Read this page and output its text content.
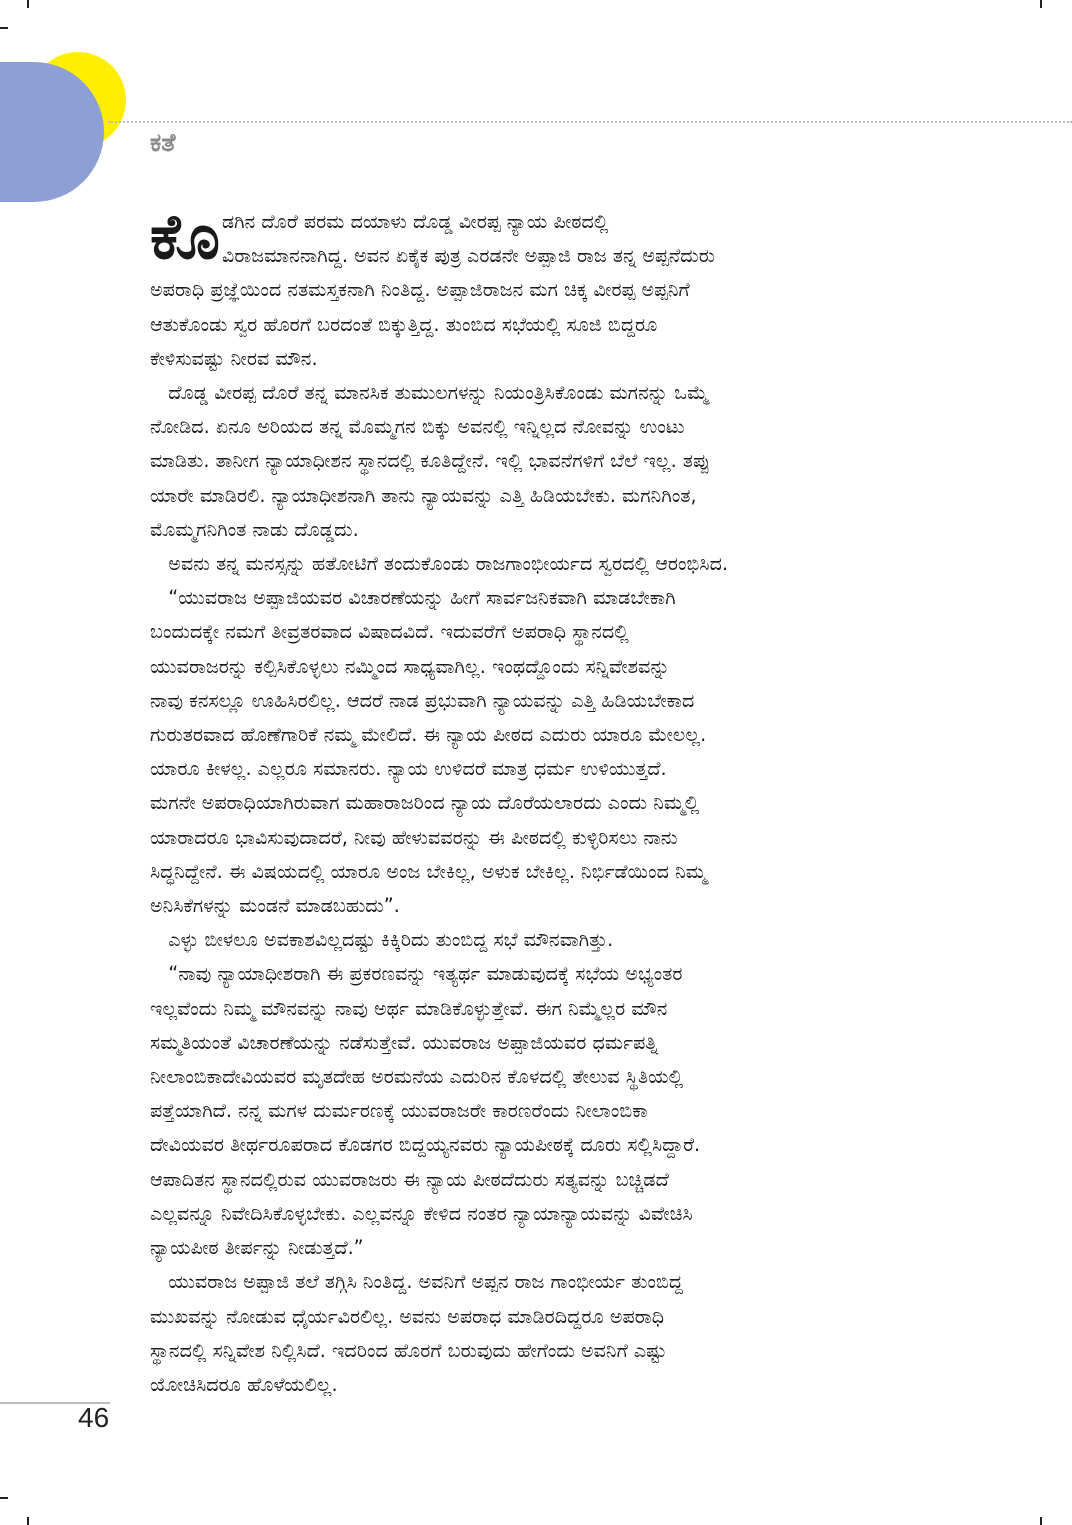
ಕತೆ
ಕೊ ಡಗಿನ ದೊರೆ ಪರಮ ದಯಾಳು ದೊಡ್ಡ ವೀರಪ್ಪ ನ್ಯಾಯ ಪೀಠದಲ್ಲಿ

ವಿರಾಜಮಾನನಾಗಿದ್ದ. ಅವನ ಏಕೈಕ ಪುತ್ರ ಎರಡನೇ ಅಪ್ಪಾಜಿ ರಾಜ ತನ್ನ ಅಪ್ಪನೆದುರು

ಅಪರಾಧಿ ಪ್ರಜ್ಞೆಯಿಂದ ನತಮಸ್ತಕನಾಗಿ ನಿಂತಿದ್ದ. ಅಪ್ಪಾಜಿರಾಜನ ಮಗ ಚಿಕ್ಕ ವೀರಪ್ಪ ಅಪ್ಪನಿಗೆ

ಆತುಕೊಂಡು ಸ್ವರ ಹೊರಗೆ ಬರದಂತೆ ಬಿಕ್ಕುತ್ತಿದ್ದ. ತುಂಬಿದ ಸಭೆಯಲ್ಲಿ ಸೂಜಿ ಬಿದ್ದರೂ

ಕೇಳಿಸುವಷ್ಟು ನೀರವ ಮೌನ.

ದೊಡ್ಡ ವೀರಪ್ಪ ದೊರೆ ತನ್ನ ಮಾನಸಿಕ ತುಮುಲಗಳನ್ನು ನಿಯಂತ್ರಿಸಿಕೊಂಡು ಮಗನನ್ನು ಒಮ್ಮೆ

ನೋಡಿದ. ಏನೂ ಅರಿಯದ ತನ್ನ ಮೊಮ್ಮಗನ ಬಿಕ್ಕು ಅವನಲ್ಲಿ ಇನ್ನಿಲ್ಲದ ನೋವನ್ನು ಉಂಟು

ಮಾಡಿತು. ತಾನೀಗ ನ್ಯಾಯಾಧೀಶನ ಸ್ಥಾನದಲ್ಲಿ ಕೂತಿದ್ದೇನೆ. ಇಲ್ಲಿ ಭಾವನೆಗಳಿಗೆ ಬೆಲೆ ಇಲ್ಲ. ತಪ್ಪು

ಯಾರೇ ಮಾಡಿರಲಿ. ನ್ಯಾಯಾಧೀಶನಾಗಿ ತಾನು ನ್ಯಾಯವನ್ನು ಎತ್ತಿ ಹಿಡಿಯಬೇಕು. ಮಗನಿಗಿಂತ,

ಮೊಮ್ಮಗನಿಗಿಂತ ನಾಡು ದೊಡ್ಡದು.

ಅವನು ತನ್ನ ಮನಸ್ಸನ್ನು ಹತೋಟಿಗೆ ತಂದುಕೊಂಡು ರಾಜಗಾಂಭೀರ್ಯದ ಸ್ವರದಲ್ಲಿ ಆರಂಭಿಸಿದ.

“ಯುವರಾಜ ಅಪ್ಪಾಜಿಯವರ ವಿಚಾರಣೆಯನ್ನು ಹೀಗೆ ಸಾರ್ವಜನಿಕವಾಗಿ ಮಾಡಬೇಕಾಗಿ

ಬಂದುದಕ್ಕೇ ನಮಗೆ ತೀವ್ರತರವಾದ ವಿಷಾದವಿದೆ. ಇದುವರೆಗೆ ಅಪರಾಧಿ ಸ್ಥಾನದಲ್ಲಿ

ಯುವರಾಜರನ್ನು ಕಲ್ಪಿಸಿಕೊಳ್ಳಲು ನಮ್ಮಿಂದ ಸಾಧ್ಯವಾಗಿಲ್ಲ. ಇಂಥದ್ದೊಂದು ಸನ್ನಿವೇಶವನ್ನು

ನಾವು ಕನಸಲ್ಲೂ ಊಹಿಸಿರಲಿಲ್ಲ. ಆದರೆ ನಾಡ ಪ್ರಭುವಾಗಿ ನ್ಯಾಯವನ್ನು ಎತ್ತಿ ಹಿಡಿಯಬೇಕಾದ

ಗುರುತರವಾದ ಹೊಣೆಗಾರಿಕೆ ನಮ್ಮ ಮೇಲಿದೆ. ಈ ನ್ಯಾಯ ಪೀಠದ ಎದುರು ಯಾರೂ ಮೇಲಲ್ಲ.

ಯಾರೂ ಕೀಳಲ್ಲ. ಎಲ್ಲರೂ ಸಮಾನರು. ನ್ಯಾಯ ಉಳಿದರೆ ಮಾತ್ರ ಧರ್ಮ ಉಳಿಯುತ್ತದೆ.

ಮಗನೇ ಅಪರಾಧಿಯಾಗಿರುವಾಗ ಮಹಾರಾಜರಿಂದ ನ್ಯಾಯ ದೊರೆಯಲಾರದು ಎಂದು ನಿಮ್ಮಲ್ಲಿ

ಯಾರಾದರೂ ಭಾವಿಸುವುದಾದರೆ, ನೀವು ಹೇಳುವವರನ್ನು ಈ ಪೀಠದಲ್ಲಿ ಕುಳ್ಳಿರಿಸಲು ನಾನು

ಸಿದ್ಧನಿದ್ದೇನೆ. ಈ ವಿಷಯದಲ್ಲಿ ಯಾರೂ ಅಂಜ ಬೇಕಿಲ್ಲ, ಅಳುಕ ಬೇಕಿಲ್ಲ. ನಿರ್ಭಿಡೆಯಿಂದ ನಿಮ್ಮ

ಅನಿಸಿಕೆಗಳನ್ನು ಮಂಡನೆ ಮಾಡಬಹುದು”.

ಎಳ್ಳು ಬೀಳಲೂ ಅವಕಾಶವಿಲ್ಲದಷ್ಟು ಕಿಕ್ಕಿರಿದು ತುಂಬಿದ್ದ ಸಭೆ ಮೌನವಾಗಿತ್ತು.

“ನಾವು ನ್ಯಾಯಾಧೀಶರಾಗಿ ಈ ಪ್ರಕರಣವನ್ನು ಇತ್ಯರ್ಥ ಮಾಡುವುದಕ್ಕೆ ಸಭೆಯ ಅಭ್ಯಂತರ

ಇಲ್ಲವೆಂದು ನಿಮ್ಮ ಮೌನವನ್ನು ನಾವು ಅರ್ಥ ಮಾಡಿಕೊಳ್ಳುತ್ತೇವೆ. ಈಗ ನಿಮ್ಮೆಲ್ಲರ ಮೌನ

ಸಮ್ಮತಿಯಂತೆ ವಿಚಾರಣೆಯನ್ನು ನಡೆಸುತ್ತೇವೆ. ಯುವರಾಜ ಅಪ್ಪಾಜಿಯವರ ಧರ್ಮಪತ್ನಿ

ನೀಲಾಂಬಿಕಾದೇವಿಯವರ ಮೃತದೇಹ ಅರಮನೆಯ ಎದುರಿನ ಕೊಳದಲ್ಲಿ ತೇಲುವ ಸ್ಥಿತಿಯಲ್ಲಿ

ಪತ್ತೆಯಾಗಿದೆ. ನನ್ನ ಮಗಳ ದುರ್ಮರಣಕ್ಕೆ ಯುವರಾಜರೇ ಕಾರಣರೆಂದು ನೀಲಾಂಬಿಕಾ

ದೇವಿಯವರ ತೀರ್ಥರೂಪರಾದ ಕೊಡಗರ ಬಿದ್ದಯ್ಯನವರು ನ್ಯಾಯಪೀಠಕ್ಕೆ ದೂರು ಸಲ್ಲಿಸಿದ್ದಾರೆ.

ಆಪಾದಿತನ ಸ್ಥಾನದಲ್ಲಿರುವ ಯುವರಾಜರು ಈ ನ್ಯಾಯ ಪೀಠದೆದುರು ಸತ್ಯವನ್ನು ಬಚ್ಚಿಡದೆ

ಎಲ್ಲವನ್ನೂ ನಿವೇದಿಸಿಕೊಳ್ಳಬೇಕು. ಎಲ್ಲವನ್ನೂ ಕೇಳಿದ ನಂತರ ನ್ಯಾಯಾನ್ಯಾಯವನ್ನು ವಿವೇಚಿಸಿ

ನ್ಯಾಯಪೀಠ ತೀರ್ಪನ್ನು ನೀಡುತ್ತದೆ.”

ಯುವರಾಜ ಅಪ್ಪಾಜಿ ತಲೆ ತಗ್ಗಿಸಿ ನಿಂತಿದ್ದ. ಅವನಿಗೆ ಅಪ್ಪನ ರಾಜ ಗಾಂಭೀರ್ಯ ತುಂಬಿದ್ದ

ಮುಖವನ್ನು ನೋಡುವ ಧೈರ್ಯವಿರಲಿಲ್ಲ. ಅವನು ಅಪರಾಧ ಮಾಡಿರದಿದ್ದರೂ ಅಪರಾಧಿ

ಸ್ಥಾನದಲ್ಲಿ ಸನ್ನಿವೇಶ ನಿಲ್ಲಿಸಿದೆ. ಇದರಿಂದ ಹೊರಗೆ ಬರುವುದು ಹೇಗೆಂದು ಅವನಿಗೆ ಎಷ್ಟು

ಯೋಚಿಸಿದರೂ ಹೊಳೆಯಲಿಲ್ಲ.

46
